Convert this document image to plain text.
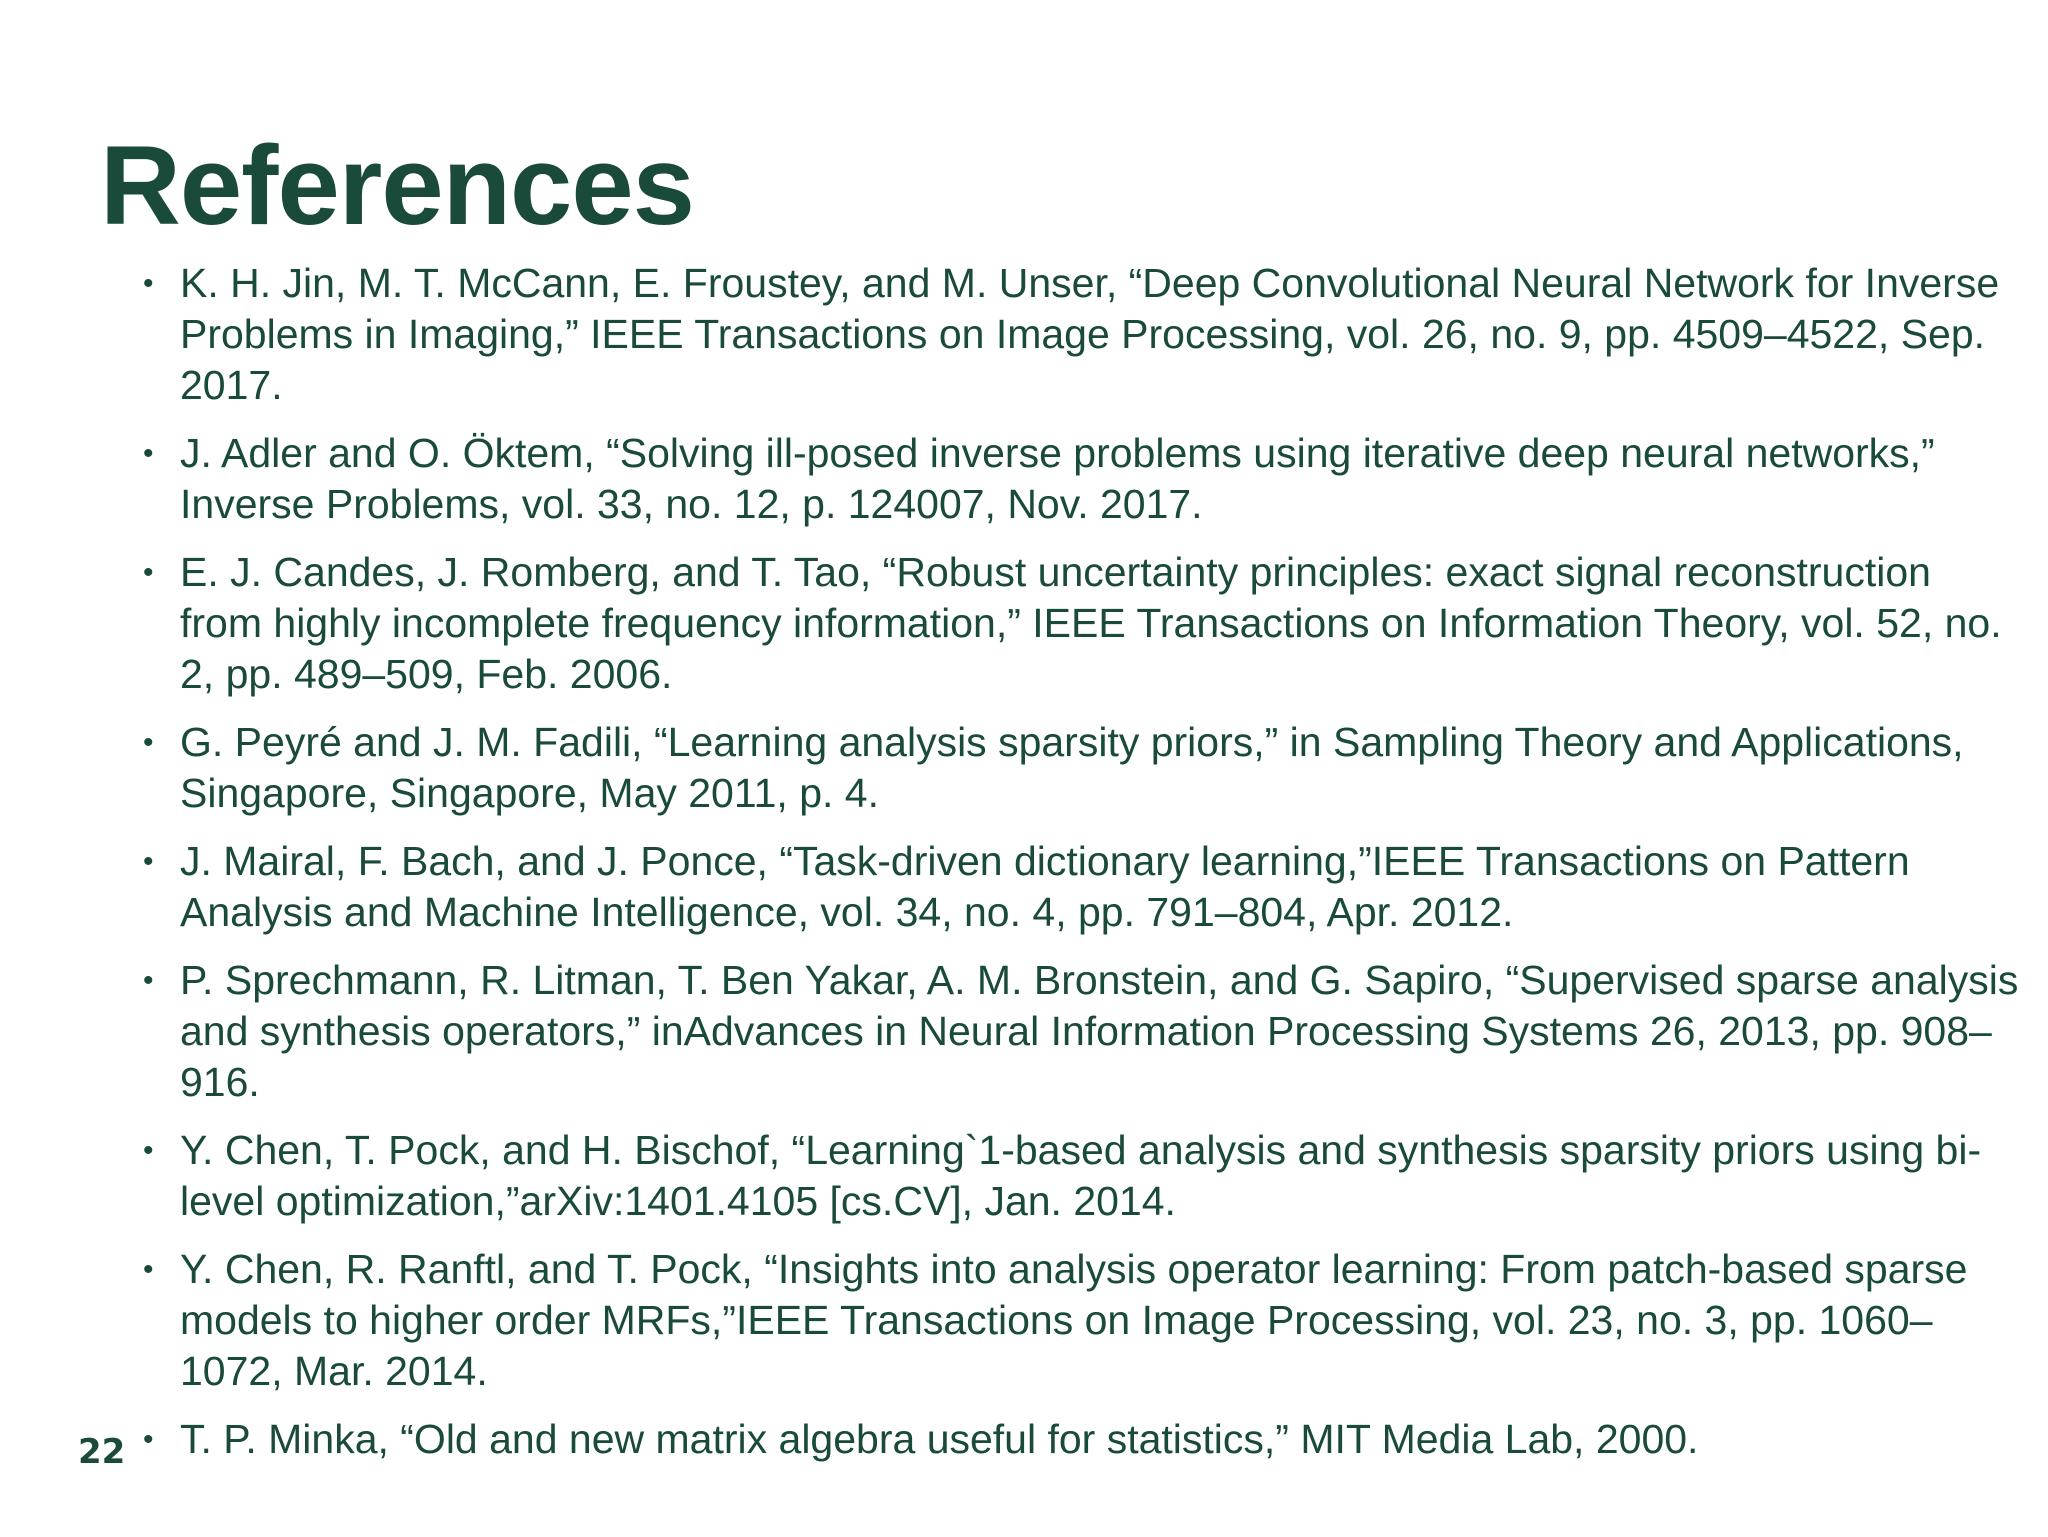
References
• K. H. Jin, M. T. McCann, E. Froustey, and M. Unser, “Deep Convolutional Neural Network for Inverse Problems in Imaging,” IEEE Transactions on Image Processing, vol. 26, no. 9, pp. 4509–4522, Sep. 2017.
• J. Adler and O. Öktem, “Solving ill-posed inverse problems using iterative deep neural networks,” Inverse Problems, vol. 33, no. 12, p. 124007, Nov. 2017.
• E. J. Candes, J. Romberg, and T. Tao, “Robust uncertainty principles: exact signal reconstruction from highly incomplete frequency information,” IEEE Transactions on Information Theory, vol. 52, no. 2, pp. 489–509, Feb. 2006.
• G. Peyré and J. M. Fadili, “Learning analysis sparsity priors,” in Sampling Theory and Applications, Singapore, Singapore, May 2011, p. 4.
• J. Mairal, F. Bach, and J. Ponce, “Task-driven dictionary learning,”IEEE Transactions on Pattern Analysis and Machine Intelligence, vol. 34, no. 4, pp. 791–804, Apr. 2012.
• P. Sprechmann, R. Litman, T. Ben Yakar, A. M. Bronstein, and G. Sapiro, “Supervised sparse analysis and synthesis operators,” inAdvances in Neural Information Processing Systems 26, 2013, pp. 908–916.
• Y. Chen, T. Pock, and H. Bischof, “Learning`1-based analysis and synthesis sparsity priors using bi-level optimization,”arXiv:1401.4105 [cs.CV], Jan. 2014.
• Y. Chen, R. Ranftl, and T. Pock, “Insights into analysis operator learning: From patch-based sparse models to higher order MRFs,”IEEE Transactions on Image Processing, vol. 23, no. 3, pp. 1060–1072, Mar. 2014.
• T. P. Minka, “Old and new matrix algebra useful for statistics,” MIT Media Lab, 2000.
22
